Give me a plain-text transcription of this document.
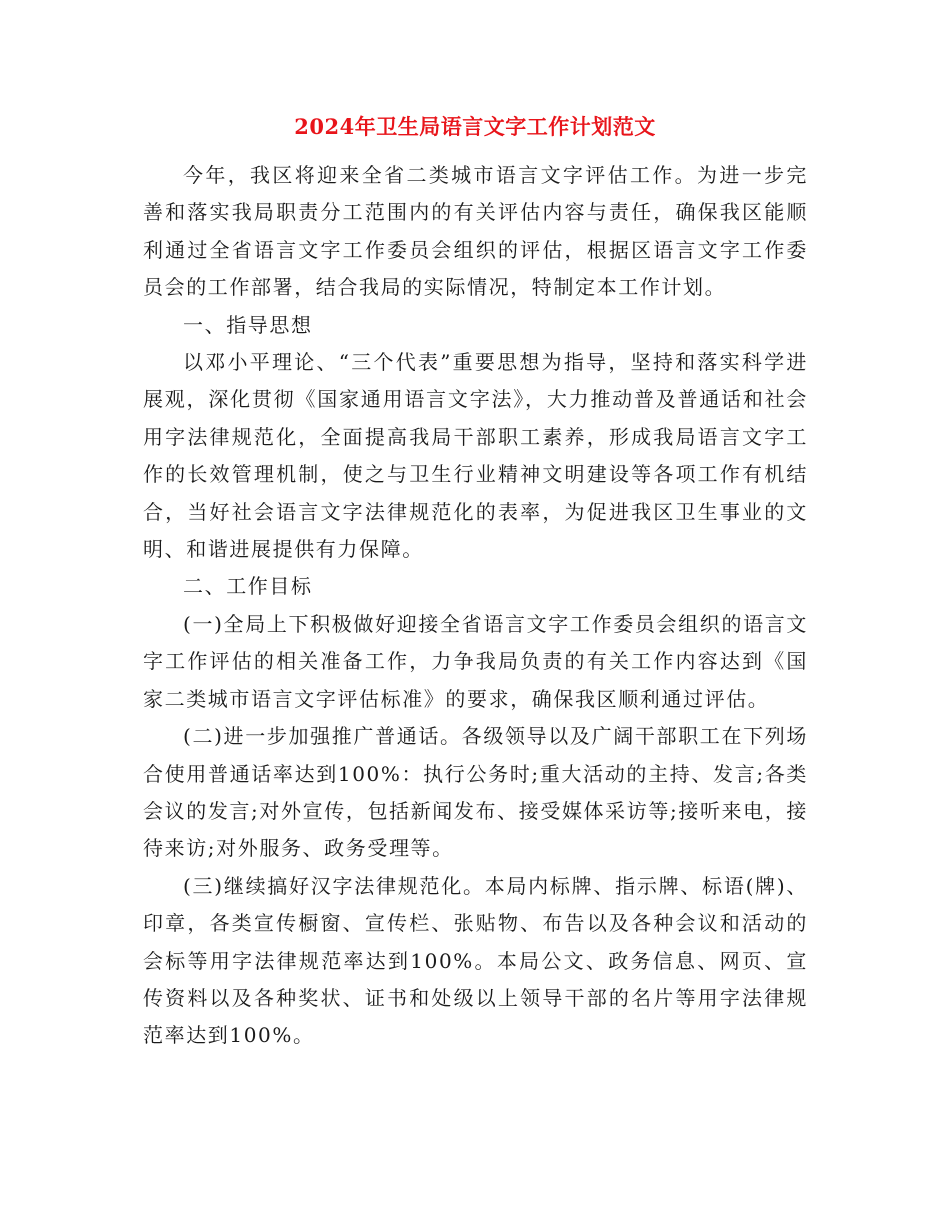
2024年卫生局语言文字工作计划范文

今年，我区将迎来全省二类城市语言文字评估工作。为进一步完善和落实我局职责分工范围内的有关评估内容与责任，确保我区能顺利通过全省语言文字工作委员会组织的评估，根据区语言文字工作委员会的工作部署，结合我局的实际情况，特制定本工作计划。

一、指导思想

以邓小平理论、“三个代表”重要思想为指导，坚持和落实科学进展观，深化贯彻《国家通用语言文字法》，大力推动普及普通话和社会用字法律规范化，全面提高我局干部职工素养，形成我局语言文字工作的长效管理机制，使之与卫生行业精神文明建设等各项工作有机结合，当好社会语言文字法律规范化的表率，为促进我区卫生事业的文明、和谐进展提供有力保障。

二、工作目标

(一)全局上下积极做好迎接全省语言文字工作委员会组织的语言文字工作评估的相关准备工作，力争我局负责的有关工作内容达到《国家二类城市语言文字评估标准》的要求，确保我区顺利通过评估。

(二)进一步加强推广普通话。各级领导以及广阔干部职工在下列场合使用普通话率达到100%：执行公务时;重大活动的主持、发言;各类会议的发言;对外宣传，包括新闻发布、接受媒体采访等;接听来电，接待来访;对外服务、政务受理等。

(三)继续搞好汉字法律规范化。本局内标牌、指示牌、标语(牌)、印章，各类宣传橱窗、宣传栏、张贴物、布告以及各种会议和活动的会标等用字法律规范率达到100%。本局公文、政务信息、网页、宣传资料以及各种奖状、证书和处级以上领导干部的名片等用字法律规范率达到100%。
